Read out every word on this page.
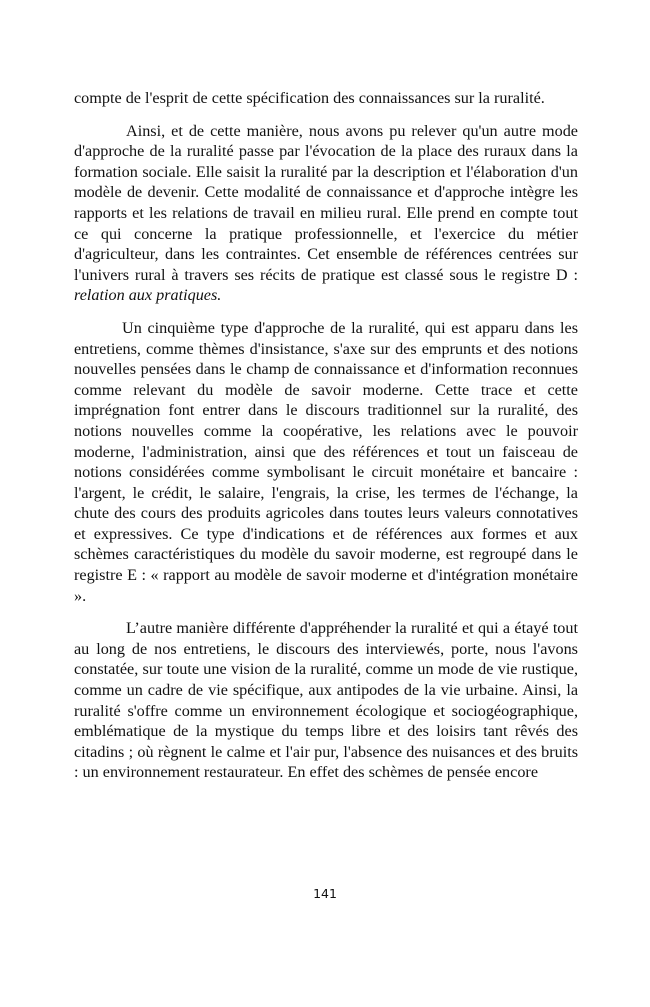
compte de l'esprit de cette spécification des connaissances sur la ruralité.

Ainsi, et de cette manière, nous avons pu relever qu'un autre mode d'approche de la ruralité passe par l'évocation de la place des ruraux dans la formation sociale. Elle saisit la ruralité par la description et l'élaboration d'un modèle de devenir. Cette modalité de connaissance et d'approche intègre les rapports et les relations de travail en milieu rural. Elle prend en compte tout ce qui concerne la pratique professionnelle, et l'exercice du métier d'agriculteur, dans les contraintes. Cet ensemble de références centrées sur l'univers rural à travers ses récits de pratique est classé sous le registre D : relation aux pratiques.

Un cinquième type d'approche de la ruralité, qui est apparu dans les entretiens, comme thèmes d'insistance, s'axe sur des emprunts et des notions nouvelles pensées dans le champ de connaissance et d'information reconnues comme relevant du modèle de savoir moderne. Cette trace et cette imprégnation font entrer dans le discours traditionnel sur la ruralité, des notions nouvelles comme la coopérative, les relations avec le pouvoir moderne, l'administration, ainsi que des références et tout un faisceau de notions considérées comme symbolisant le circuit monétaire et bancaire : l'argent, le crédit, le salaire, l'engrais, la crise, les termes de l'échange, la chute des cours des produits agricoles dans toutes leurs valeurs connotatives et expressives. Ce type d'indications et de références aux formes et aux schèmes caractéristiques du modèle du savoir moderne, est regroupé dans le registre E : « rapport au modèle de savoir moderne et d'intégration monétaire ».

L’autre manière différente d'appréhender la ruralité et qui a étayé tout au long de nos entretiens, le discours des interviewés, porte, nous l'avons constatée, sur toute une vision de la ruralité, comme un mode de vie rustique, comme un cadre de vie spécifique, aux antipodes de la vie urbaine. Ainsi, la ruralité s'offre comme un environnement écologique et sociogéographique, emblématique de la mystique du temps libre et des loisirs tant rêvés des citadins ; où règnent le calme et l'air pur, l'absence des nuisances et des bruits : un environnement restaurateur. En effet des schèmes de pensée encore

141
